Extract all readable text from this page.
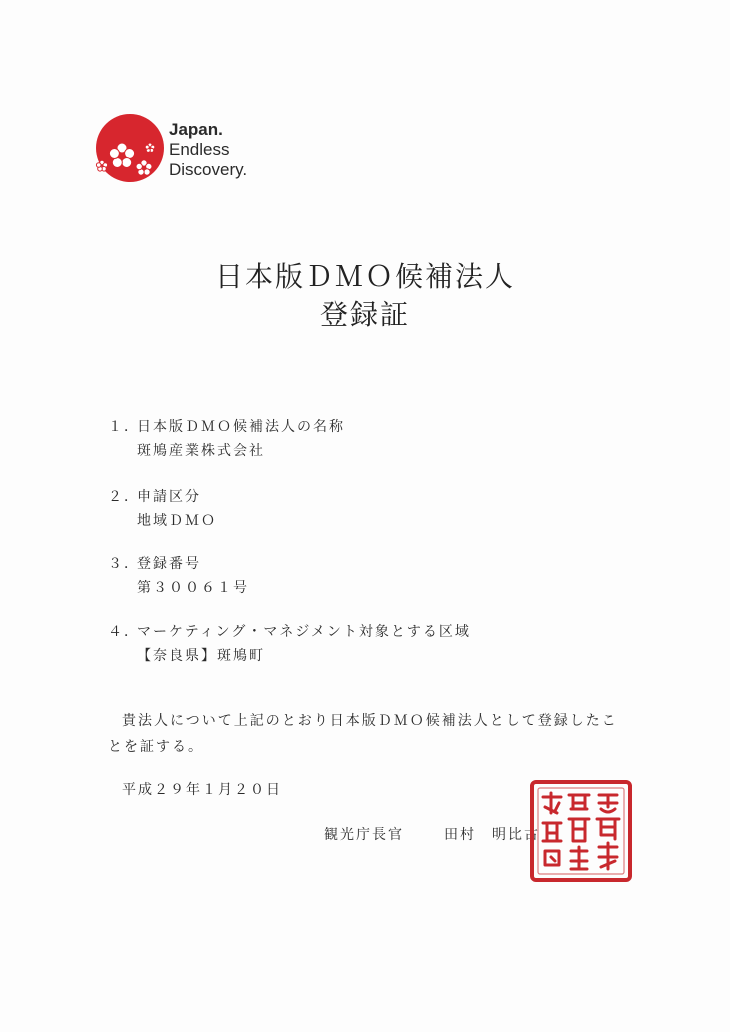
Japan.
Endless
Discovery.
日本版ＤＭＯ候補法人
登録証
１．
日本版ＤＭＯ候補法人の名称
斑鳩産業株式会社
２．
申請区分
地域ＤＭＯ
３．
登録番号
第３００６１号
４．
マーケティング・マネジメント対象とする区域
【奈良県】斑鳩町
貴法人について上記のとおり日本版ＤＭＯ候補法人として登録したこ
とを証する。
平成２９年１月２０日
観光庁長官	田村　明比古
